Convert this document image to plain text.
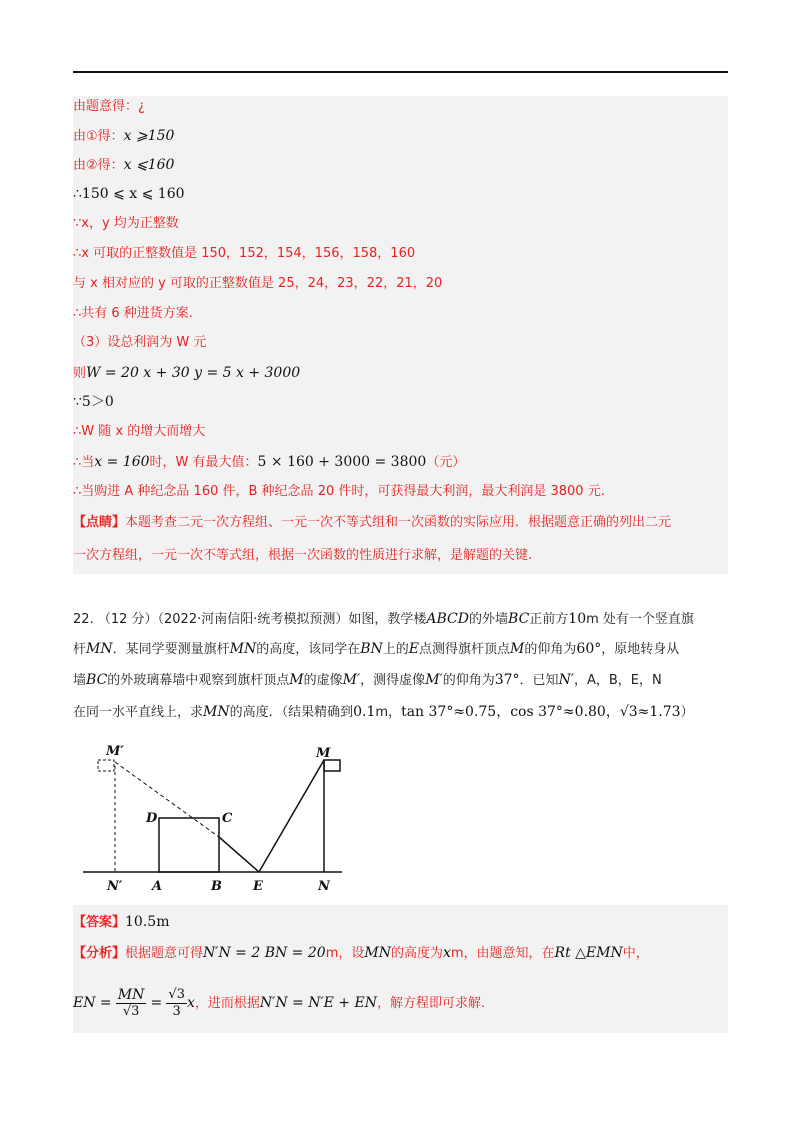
由题意得：¿
由①得：x ⩾150
由②得：x ⩽160
∴150 ⩽ x ⩽ 160
∵x，y 均为正整数
∴x 可取的正整数值是 150，152，154，156，158，160
与 x 相对应的 y 可取的正整数值是 25，24，23，22，21，20
∴共有 6 种进货方案.
（3）设总利润为 W 元
则W = 20 x + 30 y = 5 x + 3000
∵5＞0
∴W 随 x 的增大而增大
∴当x = 160时，W 有最大值：5 × 160 + 3000 = 3800（元）
∴当购进 A 种纪念品 160 件，B 种纪念品 20 件时，可获得最大利润，最大利润是 3800 元.
【点睛】本题考查二元一次方程组、一元一次不等式组和一次函数的实际应用．根据题意正确的列出二元
一次方程组，一元一次不等式组，根据一次函数的性质进行求解，是解题的关键.
22. （12 分）（2022·河南信阳·统考模拟预测）如图，教学楼ABCD的外墙BC正前方10m 处有一个竖直旗
杆MN．某同学要测量旗杆MN的高度，该同学在BN上的E点测得旗杆顶点M的仰角为60°，原地转身从
墙BC的外玻璃幕墙中观察到旗杆顶点M的虚像M′，测得虚像M′的仰角为37°．已知N′，A，B，E，N
在同一水平直线上，求MN的高度．（结果精确到0.1m，tan 37°≈0.75，cos 37°≈0.80，√3≈1.73）
M′	M
D	C
N′ A	B E	N
【答案】10.5m
【分析】根据题意可得N′N = 2 BN = 20m，设MN的高度为xm，由题意知，在Rt △EMN中，
EN = $\frac{MN}{√3} = \frac{√3}{3}$ x，进而根据N′N = N′E + EN，解方程即可求解.
